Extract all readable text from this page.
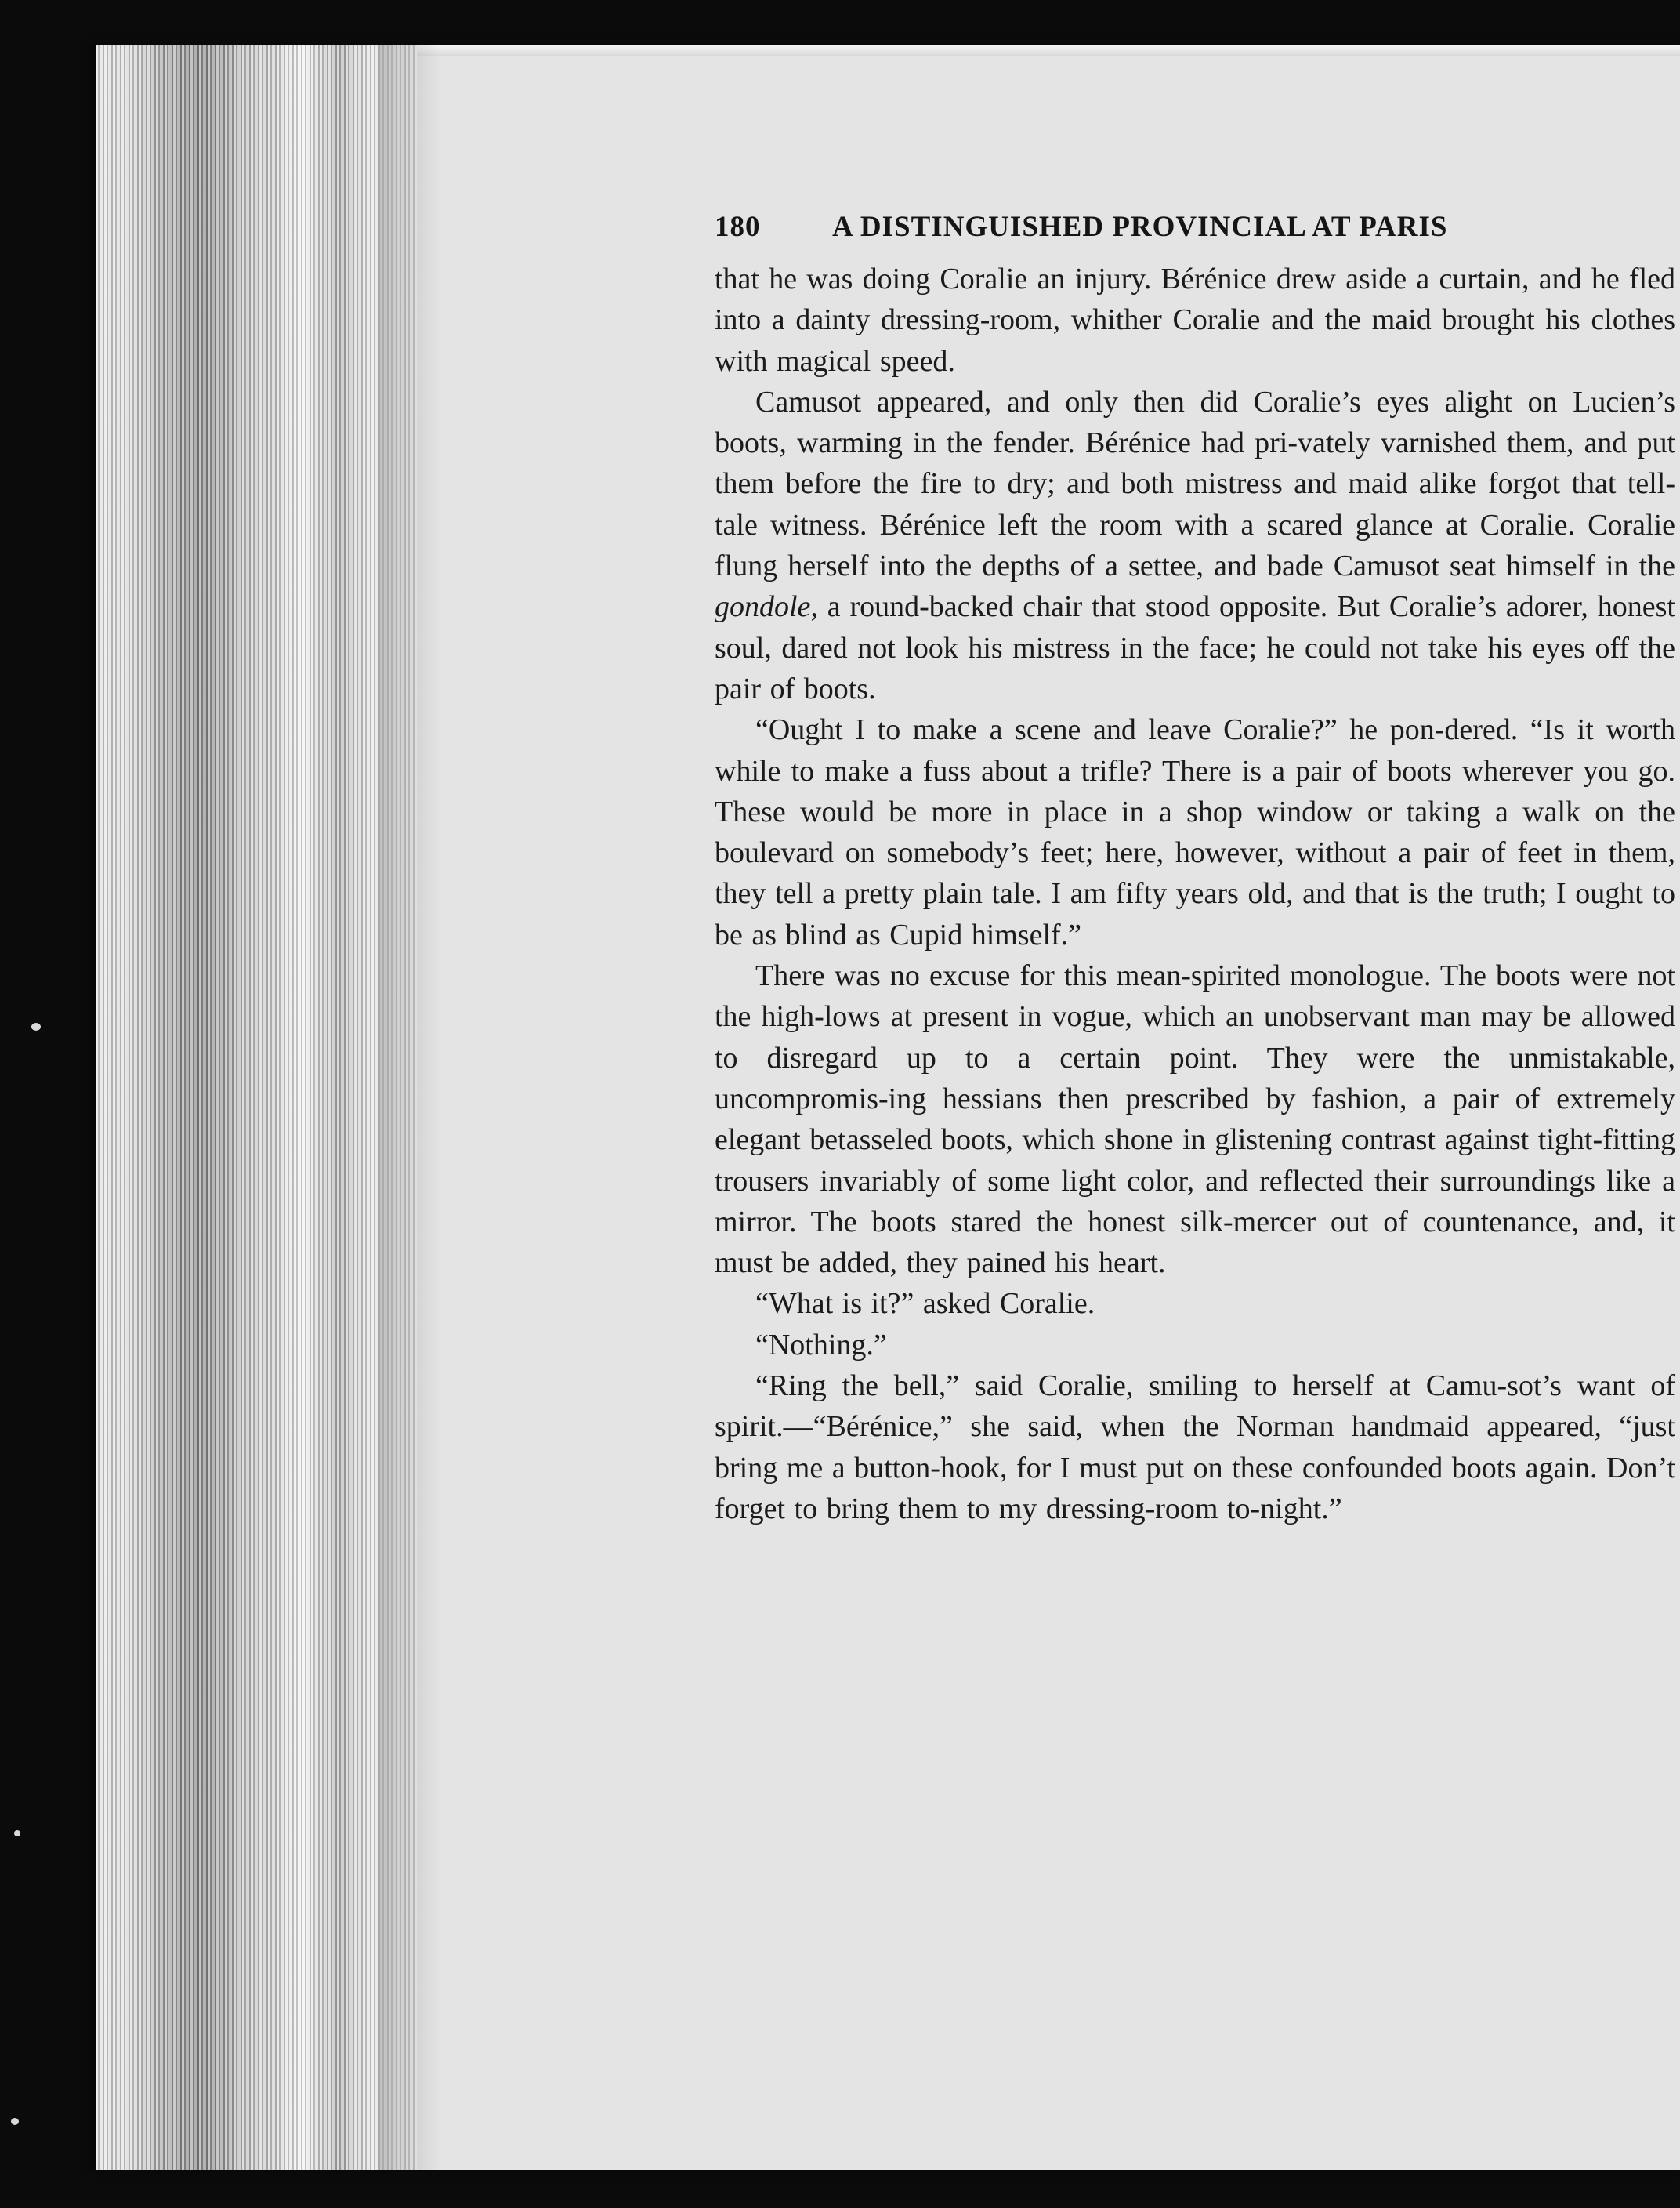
180	A DISTINGUISHED PROVINCIAL AT PARIS

that he was doing Coralie an injury. Bérénice drew aside a curtain, and he fled into a dainty dressing-room, whither Coralie and the maid brought his clothes with magical speed.

Camusot appeared, and only then did Coralie’s eyes alight on Lucien’s boots, warming in the fender. Bérénice had pri‑vately varnished them, and put them before the fire to dry; and both mistress and maid alike forgot that tell-tale witness. Bérénice left the room with a scared glance at Coralie. Coralie flung herself into the depths of a settee, and bade Camusot seat himself in the gondole, a round-backed chair that stood opposite. But Coralie’s adorer, honest soul, dared not look his mistress in the face; he could not take his eyes off the pair of boots.

“Ought I to make a scene and leave Coralie?” he pon‑dered. “Is it worth while to make a fuss about a trifle? There is a pair of boots wherever you go. These would be more in place in a shop window or taking a walk on the boulevard on somebody’s feet; here, however, without a pair of feet in them, they tell a pretty plain tale. I am fifty years old, and that is the truth; I ought to be as blind as Cupid himself.”

There was no excuse for this mean-spirited monologue. The boots were not the high-lows at present in vogue, which an unobservant man may be allowed to disregard up to a certain point. They were the unmistakable, uncompromis‑ing hessians then prescribed by fashion, a pair of extremely elegant betasseled boots, which shone in glistening contrast against tight-fitting trousers invariably of some light color, and reflected their surroundings like a mirror. The boots stared the honest silk-mercer out of countenance, and, it must be added, they pained his heart.

“What is it?” asked Coralie.

“Nothing.”

“Ring the bell,” said Coralie, smiling to herself at Camu‑sot’s want of spirit.—“Bérénice,” she said, when the Norman handmaid appeared, “just bring me a button-hook, for I must put on these confounded boots again. Don’t forget to bring them to my dressing-room to-night.”
